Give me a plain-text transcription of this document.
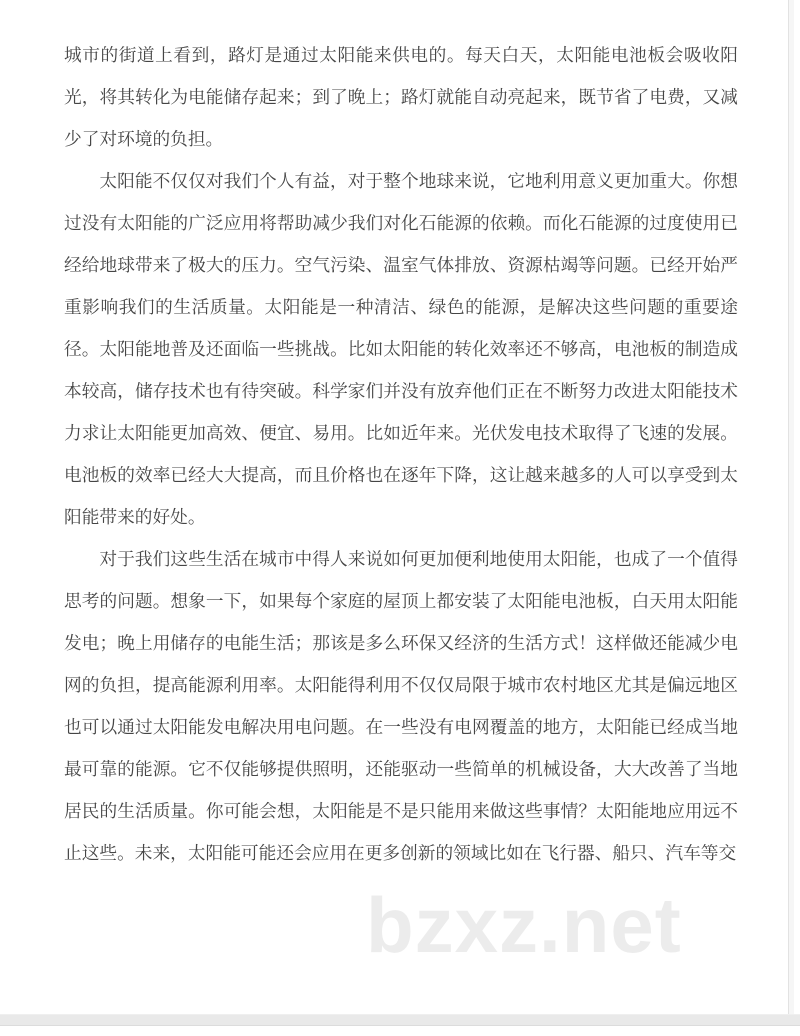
城市的街道上看到，路灯是通过太阳能来供电的。每天白天，太阳能电池板会吸收阳光，将其转化为电能储存起来；到了晚上；路灯就能自动亮起来，既节省了电费，又减少了对环境的负担。

太阳能不仅仅对我们个人有益，对于整个地球来说，它地利用意义更加重大。你想过没有太阳能的广泛应用将帮助减少我们对化石能源的依赖。而化石能源的过度使用已经给地球带来了极大的压力。空气污染、温室气体排放、资源枯竭等问题。已经开始严重影响我们的生活质量。太阳能是一种清洁、绿色的能源，是解决这些问题的重要途径。太阳能地普及还面临一些挑战。比如太阳能的转化效率还不够高，电池板的制造成本较高，储存技术也有待突破。科学家们并没有放弃他们正在不断努力改进太阳能技术力求让太阳能更加高效、便宜、易用。比如近年来。光伏发电技术取得了飞速的发展。电池板的效率已经大大提高，而且价格也在逐年下降，这让越来越多的人可以享受到太阳能带来的好处。

对于我们这些生活在城市中得人来说如何更加便利地使用太阳能，也成了一个值得思考的问题。想象一下，如果每个家庭的屋顶上都安装了太阳能电池板，白天用太阳能发电；晚上用储存的电能生活；那该是多么环保又经济的生活方式！这样做还能减少电网的负担，提高能源利用率。太阳能得利用不仅仅局限于城市农村地区尤其是偏远地区也可以通过太阳能发电解决用电问题。在一些没有电网覆盖的地方，太阳能已经成当地最可靠的能源。它不仅能够提供照明，还能驱动一些简单的机械设备，大大改善了当地居民的生活质量。你可能会想，太阳能是不是只能用来做这些事情？太阳能地应用远不止这些。未来，太阳能可能还会应用在更多创新的领域比如在飞行器、船只、汽车等交

bzxz.net
